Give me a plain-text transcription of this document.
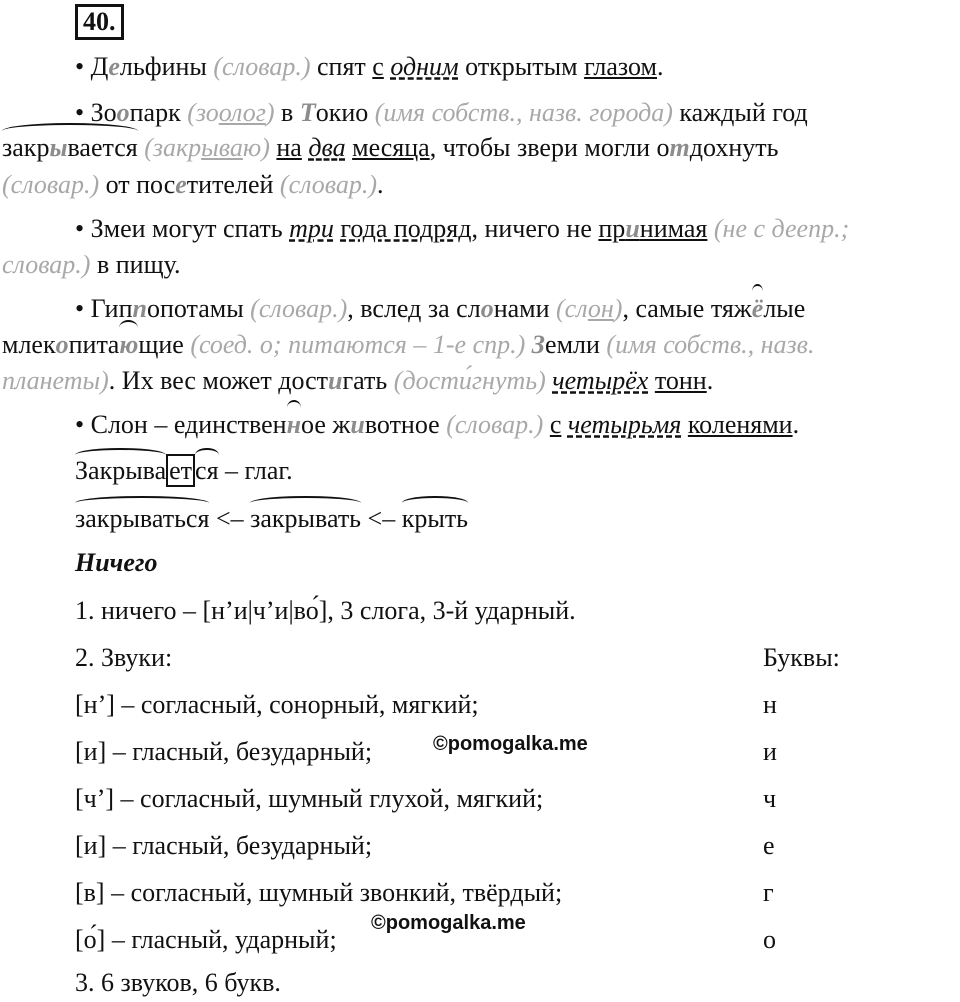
40.
• Дельфины (словар.) спят с одним открытым глазом.
• Зоопарк (зоолог) в Токио (имя собств., назв. города) каждый год
закрывается (закрываю) на два месяца, чтобы звери могли отдохнуть
(словар.) от посетителей (словар.).
• Змеи могут спать три года подряд, ничего не принимая (не с деепр.;
словар.) в пищу.
• Гиппопотамы (словар.), вслед за слонами (слон), самые тяжёлые
млекопитaющие (соед. о; питаются – 1-е спр.) Земли (имя собств., назв.
планеты). Их вес может достигать (дости́гнуть) четырёх тонн.
• Слон – единственное животное (словар.) с четырьмя коленями.
Закрыва ет ся – глаг.
закрываться <– закрывать <– крыть
Ничего
1. ничего – [н’и|ч’и|во́], 3 слога, 3-й ударный.
2. Звуки:	Буквы:
[н’] – согласный, сонорный, мягкий;	н
[и] – гласный, безударный;	и
[ч’] – согласный, шумный глухой, мягкий;	ч
[и] – гласный, безударный;	е
[в] – согласный, шумный звонкий, твёрдый;	г
[о́] – гласный, ударный;	о
3. 6 звуков, 6 букв.
©pomogalka.me
©pomogalka.me
